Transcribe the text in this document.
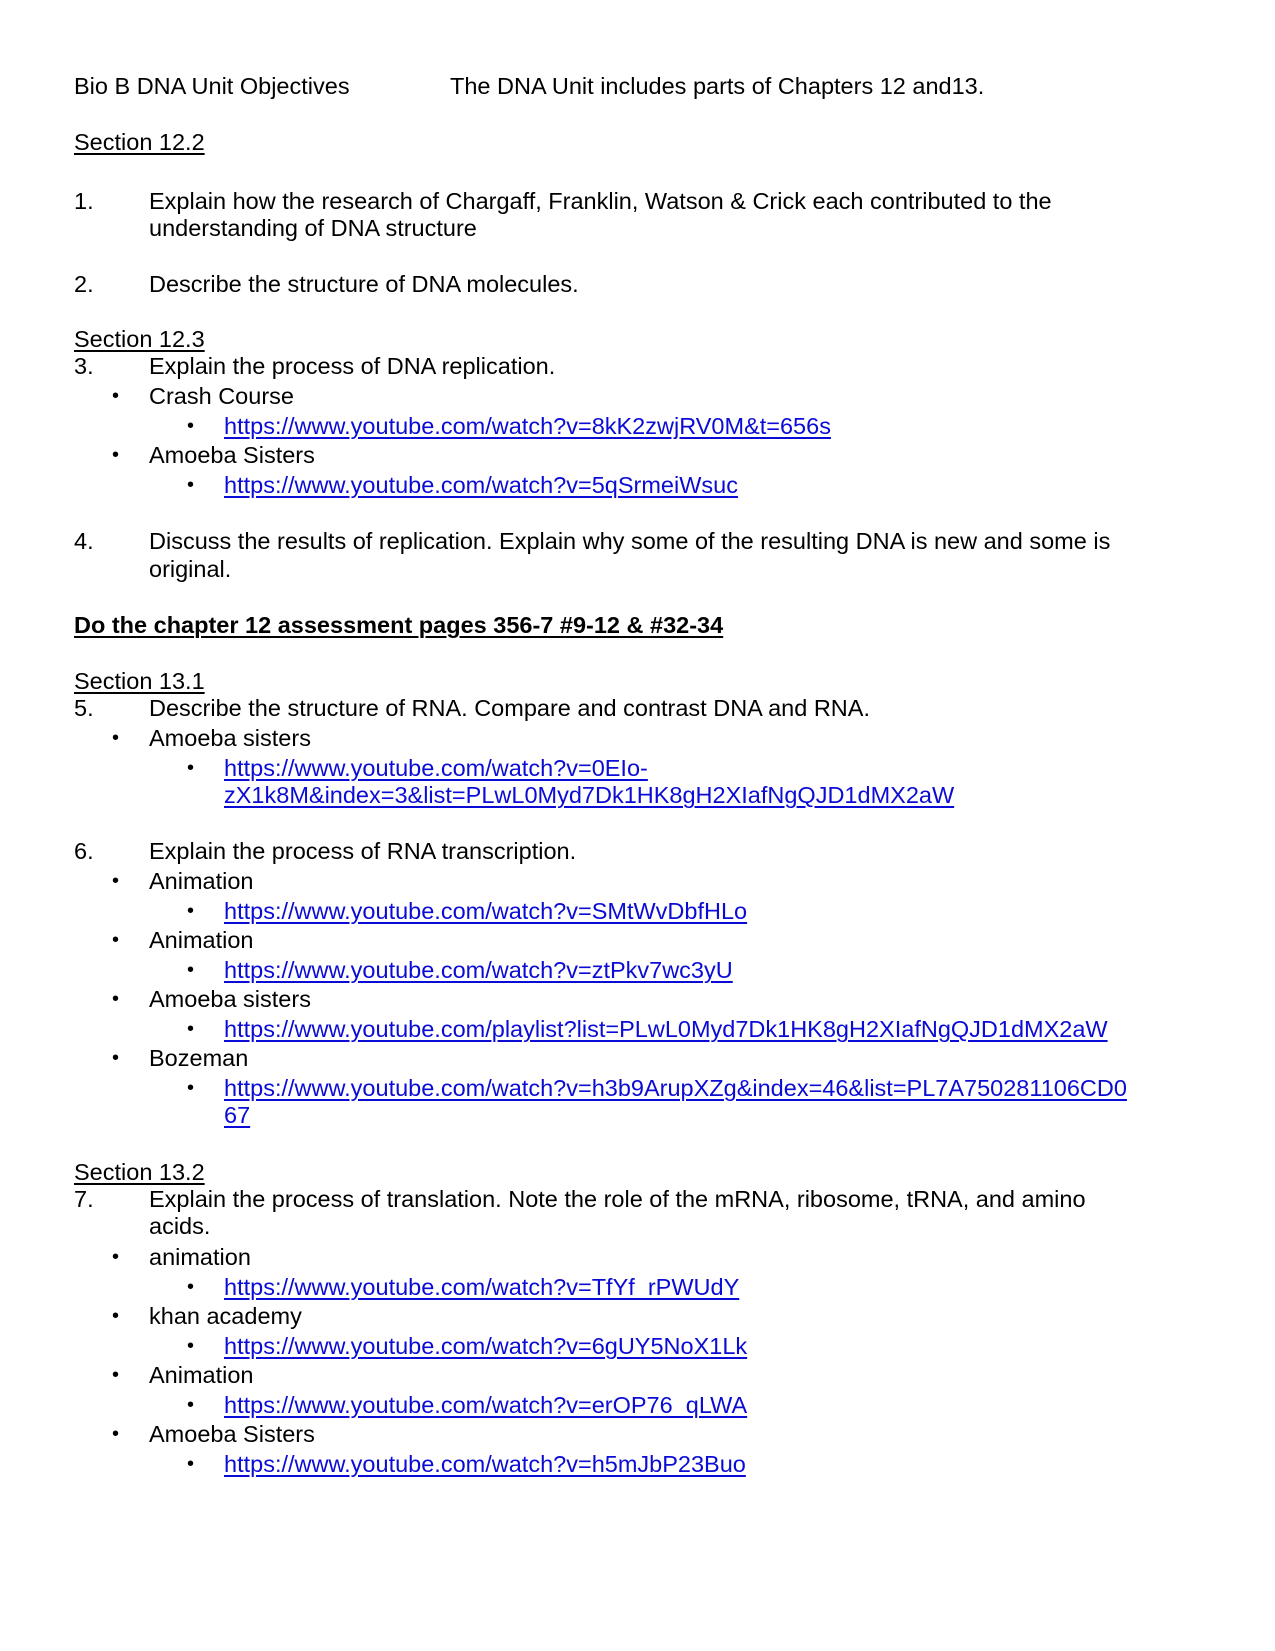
Bio B DNA Unit Objectives	The DNA Unit includes parts of Chapters 12 and13.
Section 12.2
1. Explain how the research of Chargaff, Franklin, Watson & Crick each contributed to the
understanding of DNA structure
2. Describe the structure of DNA molecules.
Section 12.3
3. Explain the process of DNA replication.
• Crash Course
• https://www.youtube.com/watch?v=8kK2zwjRV0M&t=656s
• Amoeba Sisters
• https://www.youtube.com/watch?v=5qSrmeiWsuc
4. Discuss the results of replication. Explain why some of the resulting DNA is new and some is
original.
Do the chapter 12 assessment pages 356-7 #9-12 & #32-34
Section 13.1
5. Describe the structure of RNA. Compare and contrast DNA and RNA.
• Amoeba sisters
• https://www.youtube.com/watch?v=0EIo-
zX1k8M&index=3&list=PLwL0Myd7Dk1HK8gH2XIafNgQJD1dMX2aW
6. Explain the process of RNA transcription.
• Animation
• https://www.youtube.com/watch?v=SMtWvDbfHLo
• Animation
• https://www.youtube.com/watch?v=ztPkv7wc3yU
• Amoeba sisters
• https://www.youtube.com/playlist?list=PLwL0Myd7Dk1HK8gH2XIafNgQJD1dMX2aW
• Bozeman
• https://www.youtube.com/watch?v=h3b9ArupXZg&index=46&list=PL7A750281106CD0
67
Section 13.2
7. Explain the process of translation. Note the role of the mRNA, ribosome, tRNA, and amino
acids.
• animation
• https://www.youtube.com/watch?v=TfYf_rPWUdY
• khan academy
• https://www.youtube.com/watch?v=6gUY5NoX1Lk
• Animation
• https://www.youtube.com/watch?v=erOP76_qLWA
• Amoeba Sisters
• https://www.youtube.com/watch?v=h5mJbP23Buo
